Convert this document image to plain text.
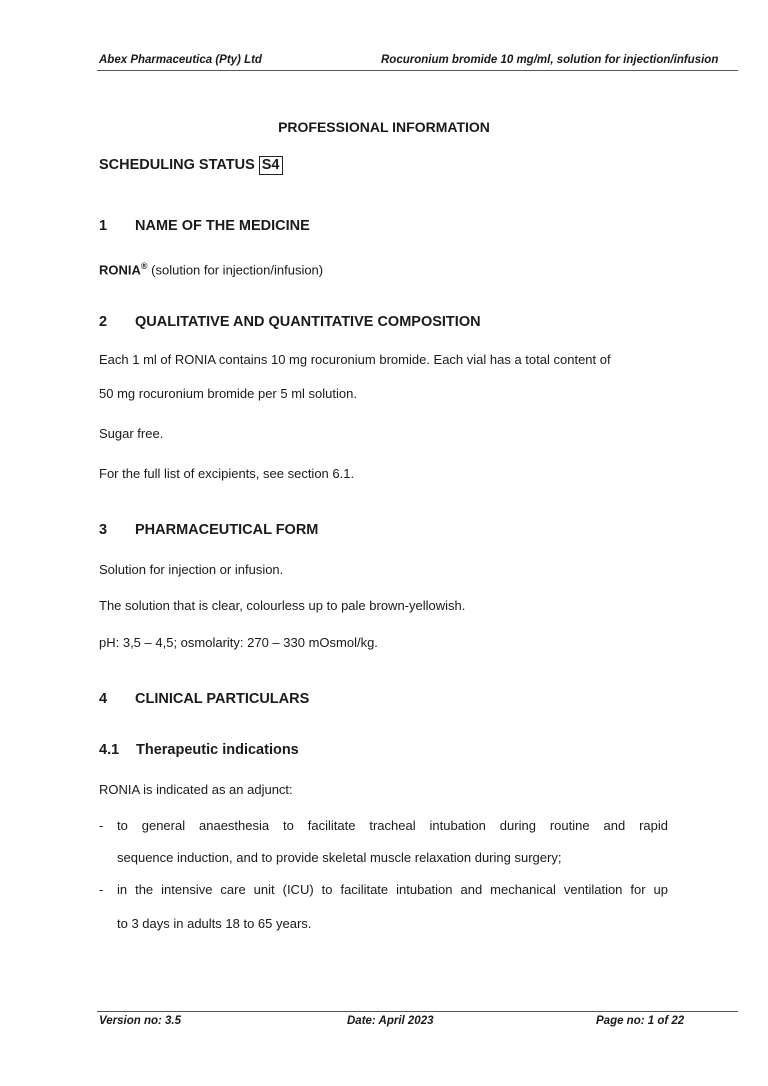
Abex Pharmaceutica (Pty) Ltd	Rocuronium bromide 10 mg/ml, solution for injection/infusion
PROFESSIONAL INFORMATION
SCHEDULING STATUS S4
1 NAME OF THE MEDICINE
RONIA® (solution for injection/infusion)
2 QUALITATIVE AND QUANTITATIVE COMPOSITION
Each 1 ml of RONIA contains 10 mg rocuronium bromide. Each vial has a total content of
50 mg rocuronium bromide per 5 ml solution.
Sugar free.
For the full list of excipients, see section 6.1.
3 PHARMACEUTICAL FORM
Solution for injection or infusion.
The solution that is clear, colourless up to pale brown-yellowish.
pH: 3,5 – 4,5; osmolarity: 270 – 330 mOsmol/kg.
4 CLINICAL PARTICULARS
4.1 Therapeutic indications
RONIA is indicated as an adjunct:
- to general anaesthesia to facilitate tracheal intubation during routine and rapid
sequence induction, and to provide skeletal muscle relaxation during surgery;
- in the intensive care unit (ICU) to facilitate intubation and mechanical ventilation for up
to 3 days in adults 18 to 65 years.
Version no: 3.5	Date: April 2023	Page no: 1 of 22
